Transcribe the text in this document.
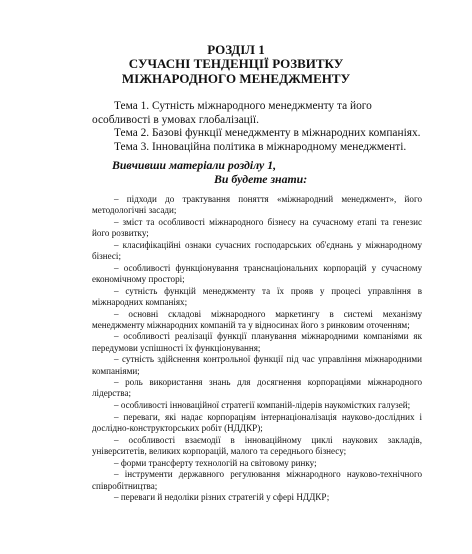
РОЗДІЛ 1
СУЧАСНІ ТЕНДЕНЦІЇ РОЗВИТКУ
МІЖНАРОДНОГО МЕНЕДЖМЕНТУ

Тема 1. Сутність міжнародного менеджменту та його особливості в умовах глобалізації.

Тема 2. Базові функції менеджменту в міжнародних компаніях.

Тема 3. Інноваційна політика в міжнародному менеджменті.

Вивчивши матеріали розділу 1,
Ви будете знати:

– підходи до трактування поняття «міжнародний менеджмент», його методологічні засади;

– зміст та особливості міжнародного бізнесу на сучасному етапі та генезис його розвитку;

– класифікаційні ознаки сучасних господарських об'єднань у міжнародному бізнесі;

– особливості функціонування транснаціональних корпорацій у сучасному економічному просторі;

– сутність функцій менеджменту та їх прояв у процесі управління в міжнародних компаніях;

– основні складові міжнародного маркетингу в системі механізму менеджменту міжнародних компаній та у відносинах його з ринковим оточенням;

– особливості реалізації функції планування міжнародними компаніями як передумови успішності їх функціонування;

– сутність здійснення контрольної функції під час управління міжнародними компаніями;

– роль використання знань для досягнення корпораціями міжнародного лідерства;

– особливості інноваційної стратегії компаній-лідерів наукомістких галузей;

– переваги, які надає корпораціям інтернаціоналізація науково-дослідних і дослідно-конструкторських робіт (НДДКР);

– особливості взаємодії в інноваційному циклі наукових закладів, університетів, великих корпорацій, малого та середнього бізнесу;

– форми трансферту технологій на світовому ринку;

– інструменти державного регулювання міжнародного науково-технічного співробітництва;

– переваги й недоліки різних стратегій у сфері НДДКР;
